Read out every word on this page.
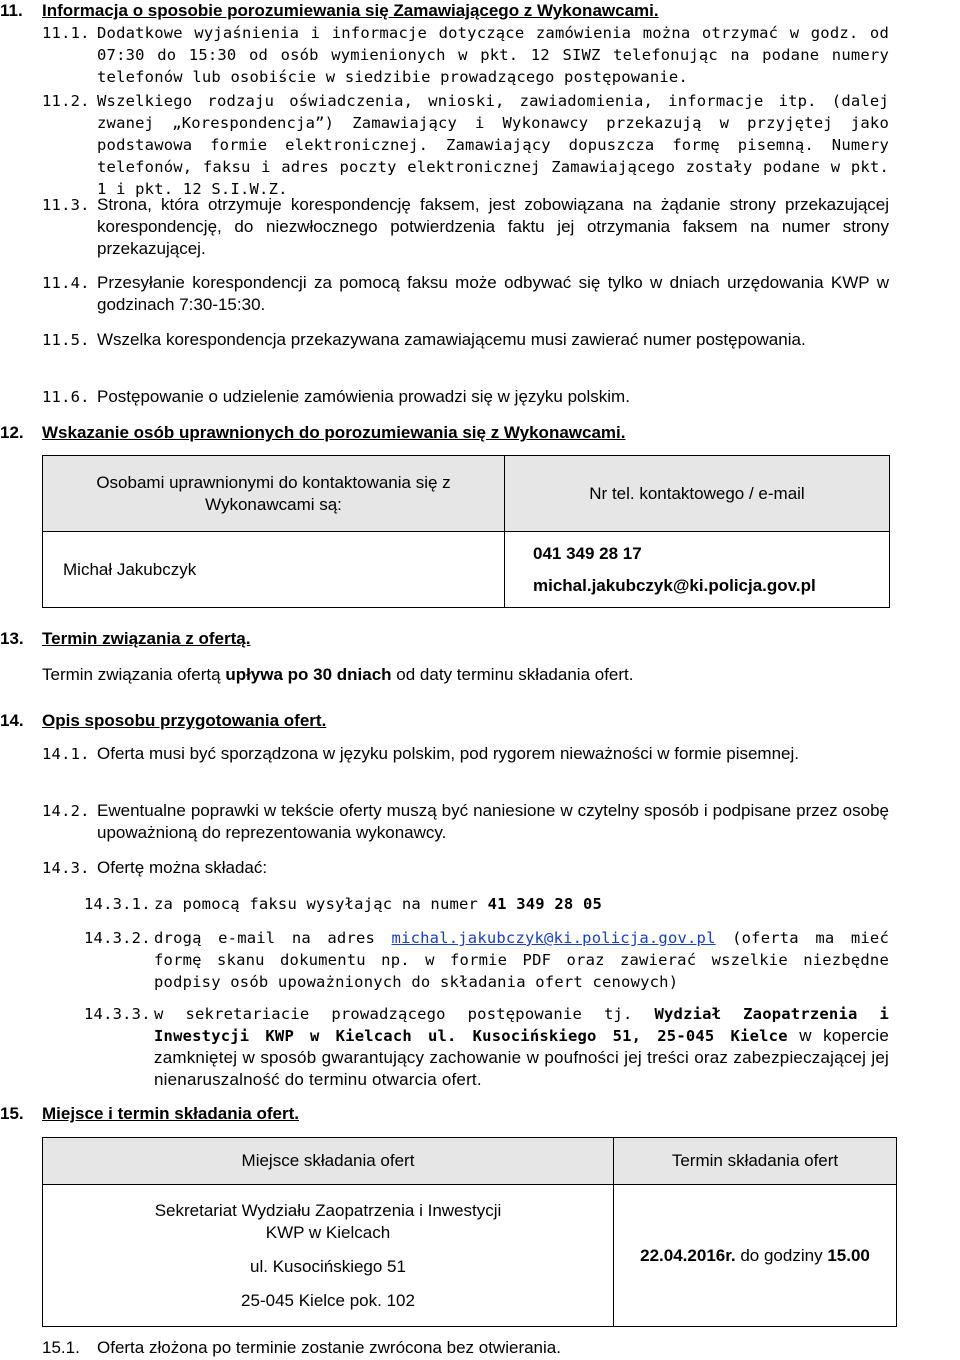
11.	Informacja o sposobie porozumiewania się Zamawiającego z Wykonawcami.
11.1. Dodatkowe wyjaśnienia i informacje dotyczące zamówienia można otrzymać w godz. od 07:30 do 15:30 od osób wymienionych w pkt. 12 SIWZ telefonując na podane numery telefonów lub osobiście w siedzibie prowadzącego postępowanie.
11.2. Wszelkiego rodzaju oświadczenia, wnioski, zawiadomienia, informacje itp. (dalej zwanej „Korespondencja”) Zamawiający i Wykonawcy przekazują w przyjętej jako podstawowa formie elektronicznej. Zamawiający dopuszcza formę pisemną. Numery telefonów, faksu i adres poczty elektronicznej Zamawiającego zostały podane w pkt. 1 i pkt. 12 S.I.W.Z.
11.3. Strona, która otrzymuje korespondencję faksem, jest zobowiązana na żądanie strony przekazującej korespondencję, do niezwłocznego potwierdzenia faktu jej otrzymania faksem na numer strony przekazującej.
11.4. Przesyłanie korespondencji za pomocą faksu może odbywać się tylko w dniach urzędowania KWP w godzinach 7:30-15:30.
11.5. Wszelka korespondencja przekazywana zamawiającemu musi zawierać numer postępowania.
11.6. Postępowanie o udzielenie zamówienia prowadzi się w języku polskim.
12.	Wskazanie osób uprawnionych do porozumiewania się z Wykonawcami.
Osobami uprawnionymi do kontaktowania się z Wykonawcami są:	Nr tel. kontaktowego / e-mail
Michał Jakubczyk	041 349 28 17
michal.jakubczyk@ki.policja.gov.pl
13.	Termin związania z ofertą.
Termin związania ofertą upływa po 30 dniach od daty terminu składania ofert.
14.	Opis sposobu przygotowania ofert.
14.1. Oferta musi być sporządzona w języku polskim, pod rygorem nieważności w formie pisemnej.
14.2. Ewentualne poprawki w tekście oferty muszą być naniesione w czytelny sposób i podpisane przez osobę upoważnioną do reprezentowania wykonawcy.
14.3. Ofertę można składać:
14.3.1. za pomocą faksu wysyłając na numer 41 349 28 05
14.3.2. drogą e-mail na adres michal.jakubczyk@ki.policja.gov.pl (oferta ma mieć formę skanu dokumentu np. w formie PDF oraz zawierać wszelkie niezbędne podpisy osób upoważnionych do składania ofert cenowych)
14.3.3. w sekretariacie prowadzącego postępowanie tj. Wydział Zaopatrzenia i Inwestycji KWP w Kielcach ul. Kusocińskiego 51, 25-045 Kielce w kopercie zamkniętej w sposób gwarantujący zachowanie w poufności jej treści oraz zabezpieczającej jej nienaruszalność do terminu otwarcia ofert.
15.	Miejsce i termin składania ofert.
Miejsce składania ofert	Termin składania ofert

Sekretariat Wydziału Zaopatrzenia i Inwestycji
KWP w Kielcach
ul. Kusocińskiego 51
25-045 Kielce pok. 102	22.04.2016r. do godziny 15.00
15.1.	Oferta złożona po terminie zostanie zwrócona bez otwierania.
